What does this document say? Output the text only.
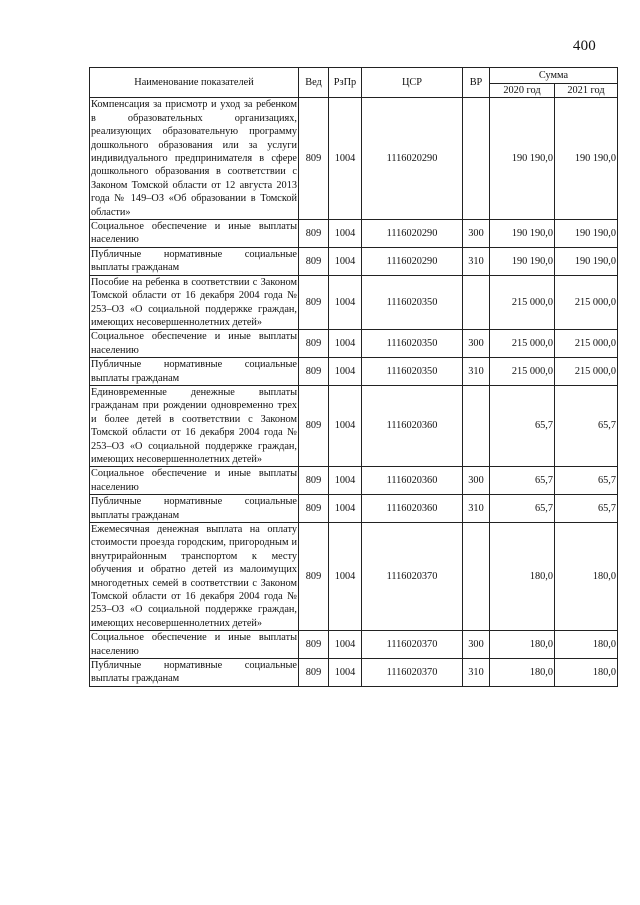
400
Наименование показателей	Вед	РзПр	ЦСР	ВР	Сумма	
					2020 год	2021 год
Компенсация за присмотр и уход за ребенком в образовательных организациях, реализующих образовательную программу дошкольного образования или за услуги индивидуального предпринимателя в сфере дошкольного образования в соответствии с Законом Томской области от 12 августа 2013 года № 149–ОЗ «Об образовании в Томской области»	809	1004	1116020290		190 190,0	190 190,0
Социальное обеспечение и иные выплаты населению	809	1004	1116020290	300	190 190,0	190 190,0
Публичные нормативные социальные выплаты гражданам	809	1004	1116020290	310	190 190,0	190 190,0
Пособие на ребенка в соответствии с Законом Томской области от 16 декабря 2004 года № 253–ОЗ «О социальной поддержке граждан, имеющих несовершеннолетних детей»	809	1004	1116020350		215 000,0	215 000,0
Социальное обеспечение и иные выплаты населению	809	1004	1116020350	300	215 000,0	215 000,0
Публичные нормативные социальные выплаты гражданам	809	1004	1116020350	310	215 000,0	215 000,0
Единовременные денежные выплаты гражданам при рождении одновременно трех и более детей в соответствии с Законом Томской области от 16 декабря 2004 года № 253–ОЗ «О социальной поддержке граждан, имеющих несовершеннолетних детей»	809	1004	1116020360		65,7	65,7
Социальное обеспечение и иные выплаты населению	809	1004	1116020360	300	65,7	65,7
Публичные нормативные социальные выплаты гражданам	809	1004	1116020360	310	65,7	65,7
Ежемесячная денежная выплата на оплату стоимости проезда городским, пригородным и внутрирайонным транспортом к месту обучения и обратно детей из малоимущих многодетных семей в соответствии с Законом Томской области от 16 декабря 2004 года № 253–ОЗ «О социальной поддержке граждан, имеющих несовершеннолетних детей»	809	1004	1116020370		180,0	180,0
Социальное обеспечение и иные выплаты населению	809	1004	1116020370	300	180,0	180,0
Публичные нормативные социальные выплаты гражданам	809	1004	1116020370	310	180,0	180,0
